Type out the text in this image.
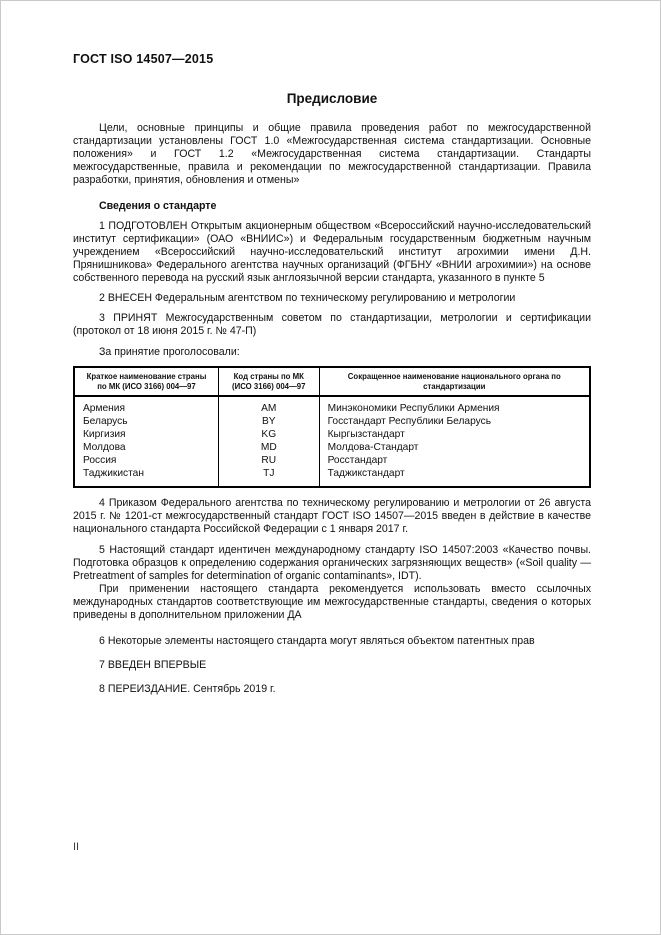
ГОСТ ISO 14507—2015
Предисловие

Цели, основные принципы и общие правила проведения работ по межгосударственной стандартизации установлены ГОСТ 1.0 «Межгосударственная система стандартизации. Основные положения» и ГОСТ 1.2 «Межгосударственная система стандартизации. Стандарты межгосударственные, правила и рекомендации по межгосударственной стандартизации. Правила разработки, принятия, обновления и отмены»

Сведения о стандарте

1 ПОДГОТОВЛЕН Открытым акционерным обществом «Всероссийский научно-исследовательский институт сертификации» (ОАО «ВНИИС») и Федеральным государственным бюджетным научным учреждением «Всероссийский научно-исследовательский институт агрохимии имени Д.Н. Прянишникова» Федерального агентства научных организаций (ФГБНУ «ВНИИ агрохимии») на основе собственного перевода на русский язык англоязычной версии стандарта, указанного в пункте 5

2 ВНЕСЕН Федеральным агентством по техническому регулированию и метрологии

3 ПРИНЯТ Межгосударственным советом по стандартизации, метрологии и сертификации (протокол от 18 июня 2015 г. № 47-П)

За принятие проголосовали:

Краткое наименование страны по МК (ИСО 3166) 004—97	Код страны по МК (ИСО 3166) 004—97	Сокращенное наименование национального органа по стандартизации
Армения	AM	Минэкономики Республики Армения
Беларусь	BY	Госстандарт Республики Беларусь
Киргизия	KG	Кыргызстандарт
Молдова	MD	Молдова-Стандарт
Россия	RU	Росстандарт
Таджикистан	TJ	Таджикстандарт

4 Приказом Федерального агентства по техническому регулированию и метрологии от 26 августа 2015 г. № 1201-ст межгосударственный стандарт ГОСТ ISO 14507—2015 введен в действие в качестве национального стандарта Российской Федерации с 1 января 2017 г.

5 Настоящий стандарт идентичен международному стандарту ISO 14507:2003 «Качество почвы. Подготовка образцов к определению содержания органических загрязняющих веществ» («Soil quality — Pretreatment of samples for determination of organic contaminants», IDT).

При применении настоящего стандарта рекомендуется использовать вместо ссылочных международных стандартов соответствующие им межгосударственные стандарты, сведения о которых приведены в дополнительном приложении ДА

6 Некоторые элементы настоящего стандарта могут являться объектом патентных прав

7 ВВЕДЕН ВПЕРВЫЕ

8 ПЕРЕИЗДАНИЕ. Сентябрь 2019 г.

II
